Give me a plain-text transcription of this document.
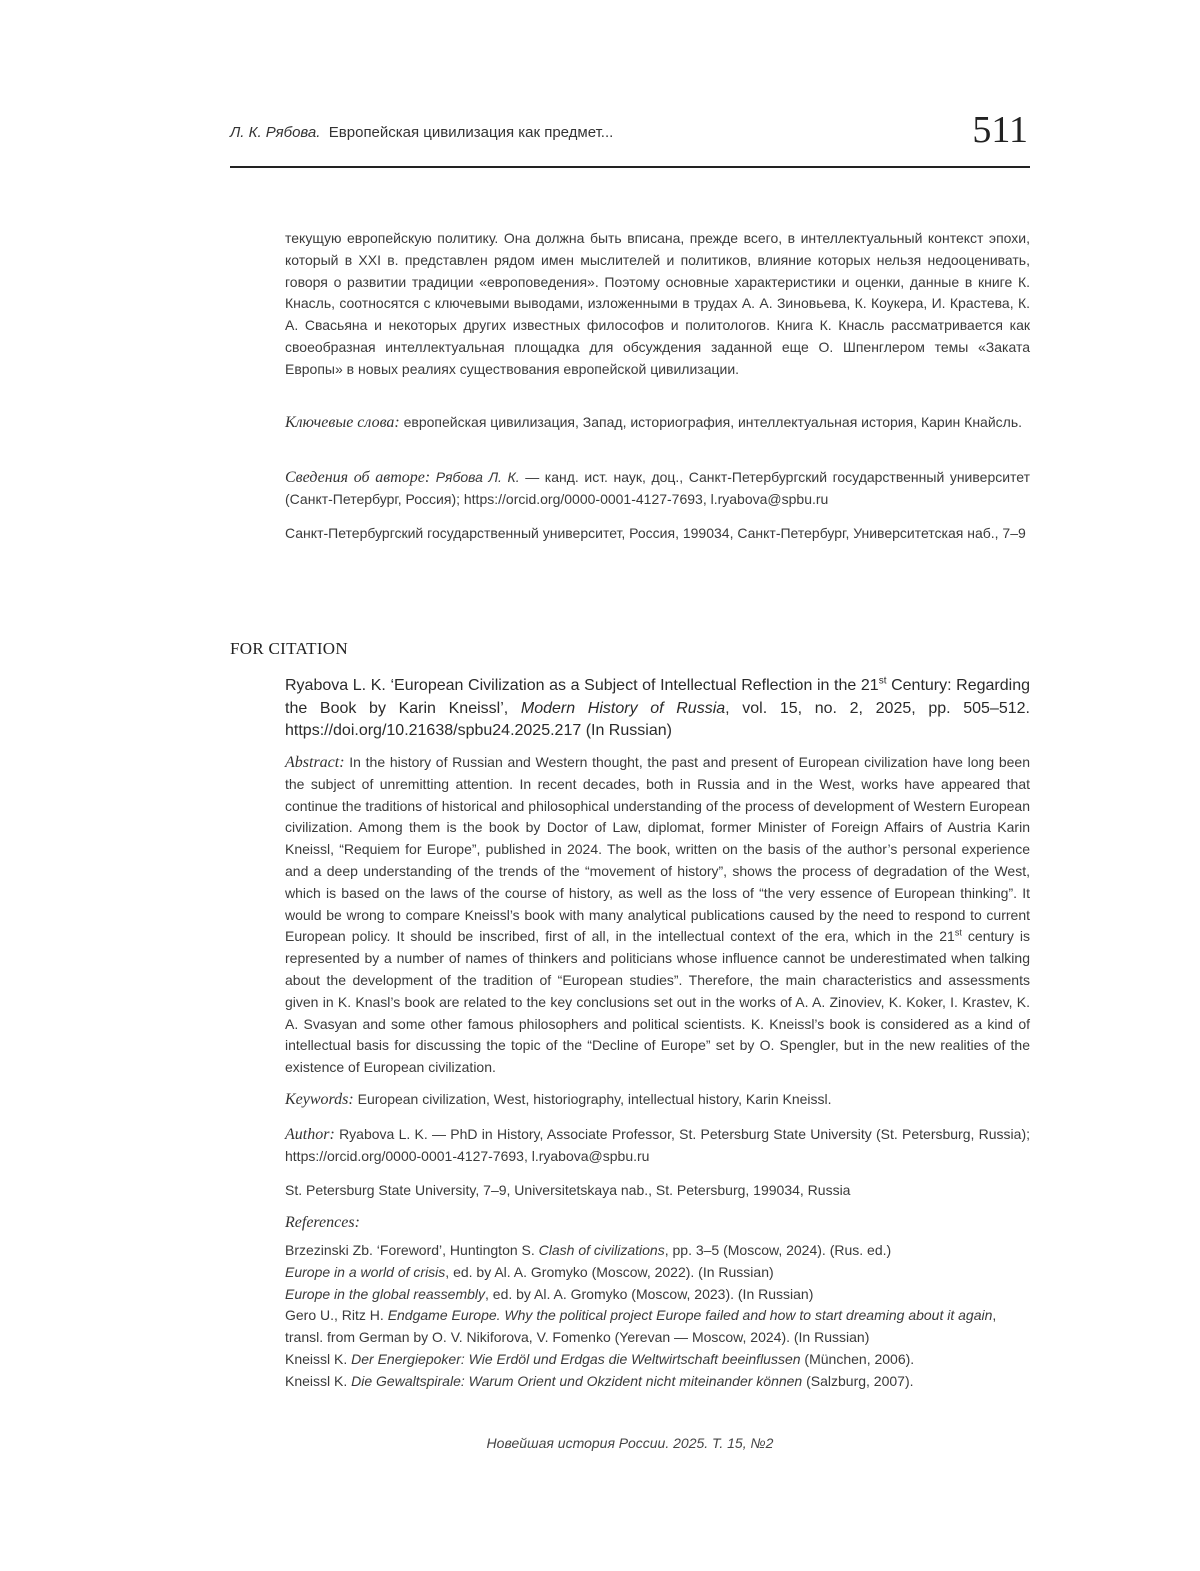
Л. К. Рябова. Европейская цивилизация как предмет...	511

текущую европейскую политику. Она должна быть вписана, прежде всего, в интеллектуальный контекст эпохи, который в XXI в. представлен рядом имен мыслителей и политиков, влияние которых нельзя недооценивать, говоря о развитии традиции «европоведения». Поэтому основные характеристики и оценки, данные в книге К. Кнасль, соотносятся с ключевыми выводами, изложенными в трудах А. А. Зиновьева, К. Коукера, И. Крастева, К. А. Свасьяна и некоторых других известных философов и политологов. Книга К. Кнасль рассматривается как своеобразная интеллектуальная площадка для обсуждения заданной еще О. Шпенглером темы «Заката Европы» в новых реалиях существования европейской цивилизации.

Ключевые слова: европейская цивилизация, Запад, историография, интеллектуальная история, Карин Кнайсль.

Сведения об авторе: Рябова Л. К. — канд. ист. наук, доц., Санкт-Петербургский государственный университет (Санкт-Петербург, Россия); https://orcid.org/0000-0001-4127-7693, l.ryabova@spbu.ru

Санкт-Петербургский государственный университет, Россия, 199034, Санкт-Петербург, Университетская наб., 7–9

FOR CITATION

Ryabova L. K. ‘European Civilization as a Subject of Intellectual Reflection in the 21st Century: Regarding the Book by Karin Kneissl’, Modern History of Russia, vol. 15, no. 2, 2025, pp. 505–512. https://doi.org/10.21638/spbu24.2025.217 (In Russian)

Abstract: In the history of Russian and Western thought, the past and present of European civilization have long been the subject of unremitting attention. In recent decades, both in Russia and in the West, works have appeared that continue the traditions of historical and philosophical understanding of the process of development of Western European civilization. Among them is the book by Doctor of Law, diplomat, former Minister of Foreign Affairs of Austria Karin Kneissl, “Requiem for Europe”, published in 2024. The book, written on the basis of the author’s personal experience and a deep understanding of the trends of the “movement of history”, shows the process of degradation of the West, which is based on the laws of the course of history, as well as the loss of “the very essence of European thinking”. It would be wrong to compare Kneissl’s book with many analytical publications caused by the need to respond to current European policy. It should be inscribed, first of all, in the intellectual context of the era, which in the 21st century is represented by a number of names of thinkers and politicians whose influence cannot be underestimated when talking about the development of the tradition of “European studies”. Therefore, the main characteristics and assessments given in K. Knasl’s book are related to the key conclusions set out in the works of A. A. Zinoviev, K. Koker, I. Krastev, K. A. Svasyan and some other famous philosophers and political scientists. K. Kneissl’s book is considered as a kind of intellectual basis for discussing the topic of the “Decline of Europe” set by O. Spengler, but in the new realities of the existence of European civilization.

Keywords: European civilization, West, historiography, intellectual history, Karin Kneissl.

Author: Ryabova L. K. — PhD in History, Associate Professor, St. Petersburg State University (St. Petersburg, Russia); https://orcid.org/0000-0001-4127-7693, l.ryabova@spbu.ru

St. Petersburg State University, 7–9, Universitetskaya nab., St. Petersburg, 199034, Russia

References:

Brzezinski Zb. ‘Foreword’, Huntington S. Clash of civilizations, pp. 3–5 (Moscow, 2024). (Rus. ed.)

Europe in a world of crisis, ed. by Al. A. Gromyko (Moscow, 2022). (In Russian)

Europe in the global reassembly, ed. by Al. A. Gromyko (Moscow, 2023). (In Russian)

Gero U., Ritz H. Endgame Europe. Why the political project Europe failed and how to start dreaming about it again, transl. from German by O. V. Nikiforova, V. Fomenko (Yerevan — Moscow, 2024). (In Russian)

Kneissl K. Der Energiepoker: Wie Erdöl und Erdgas die Weltwirtschaft beeinflussen (München, 2006).

Kneissl K. Die Gewaltspirale: Warum Orient und Okzident nicht miteinander können (Salzburg, 2007).

Новейшая история России. 2025. Т. 15, №2
